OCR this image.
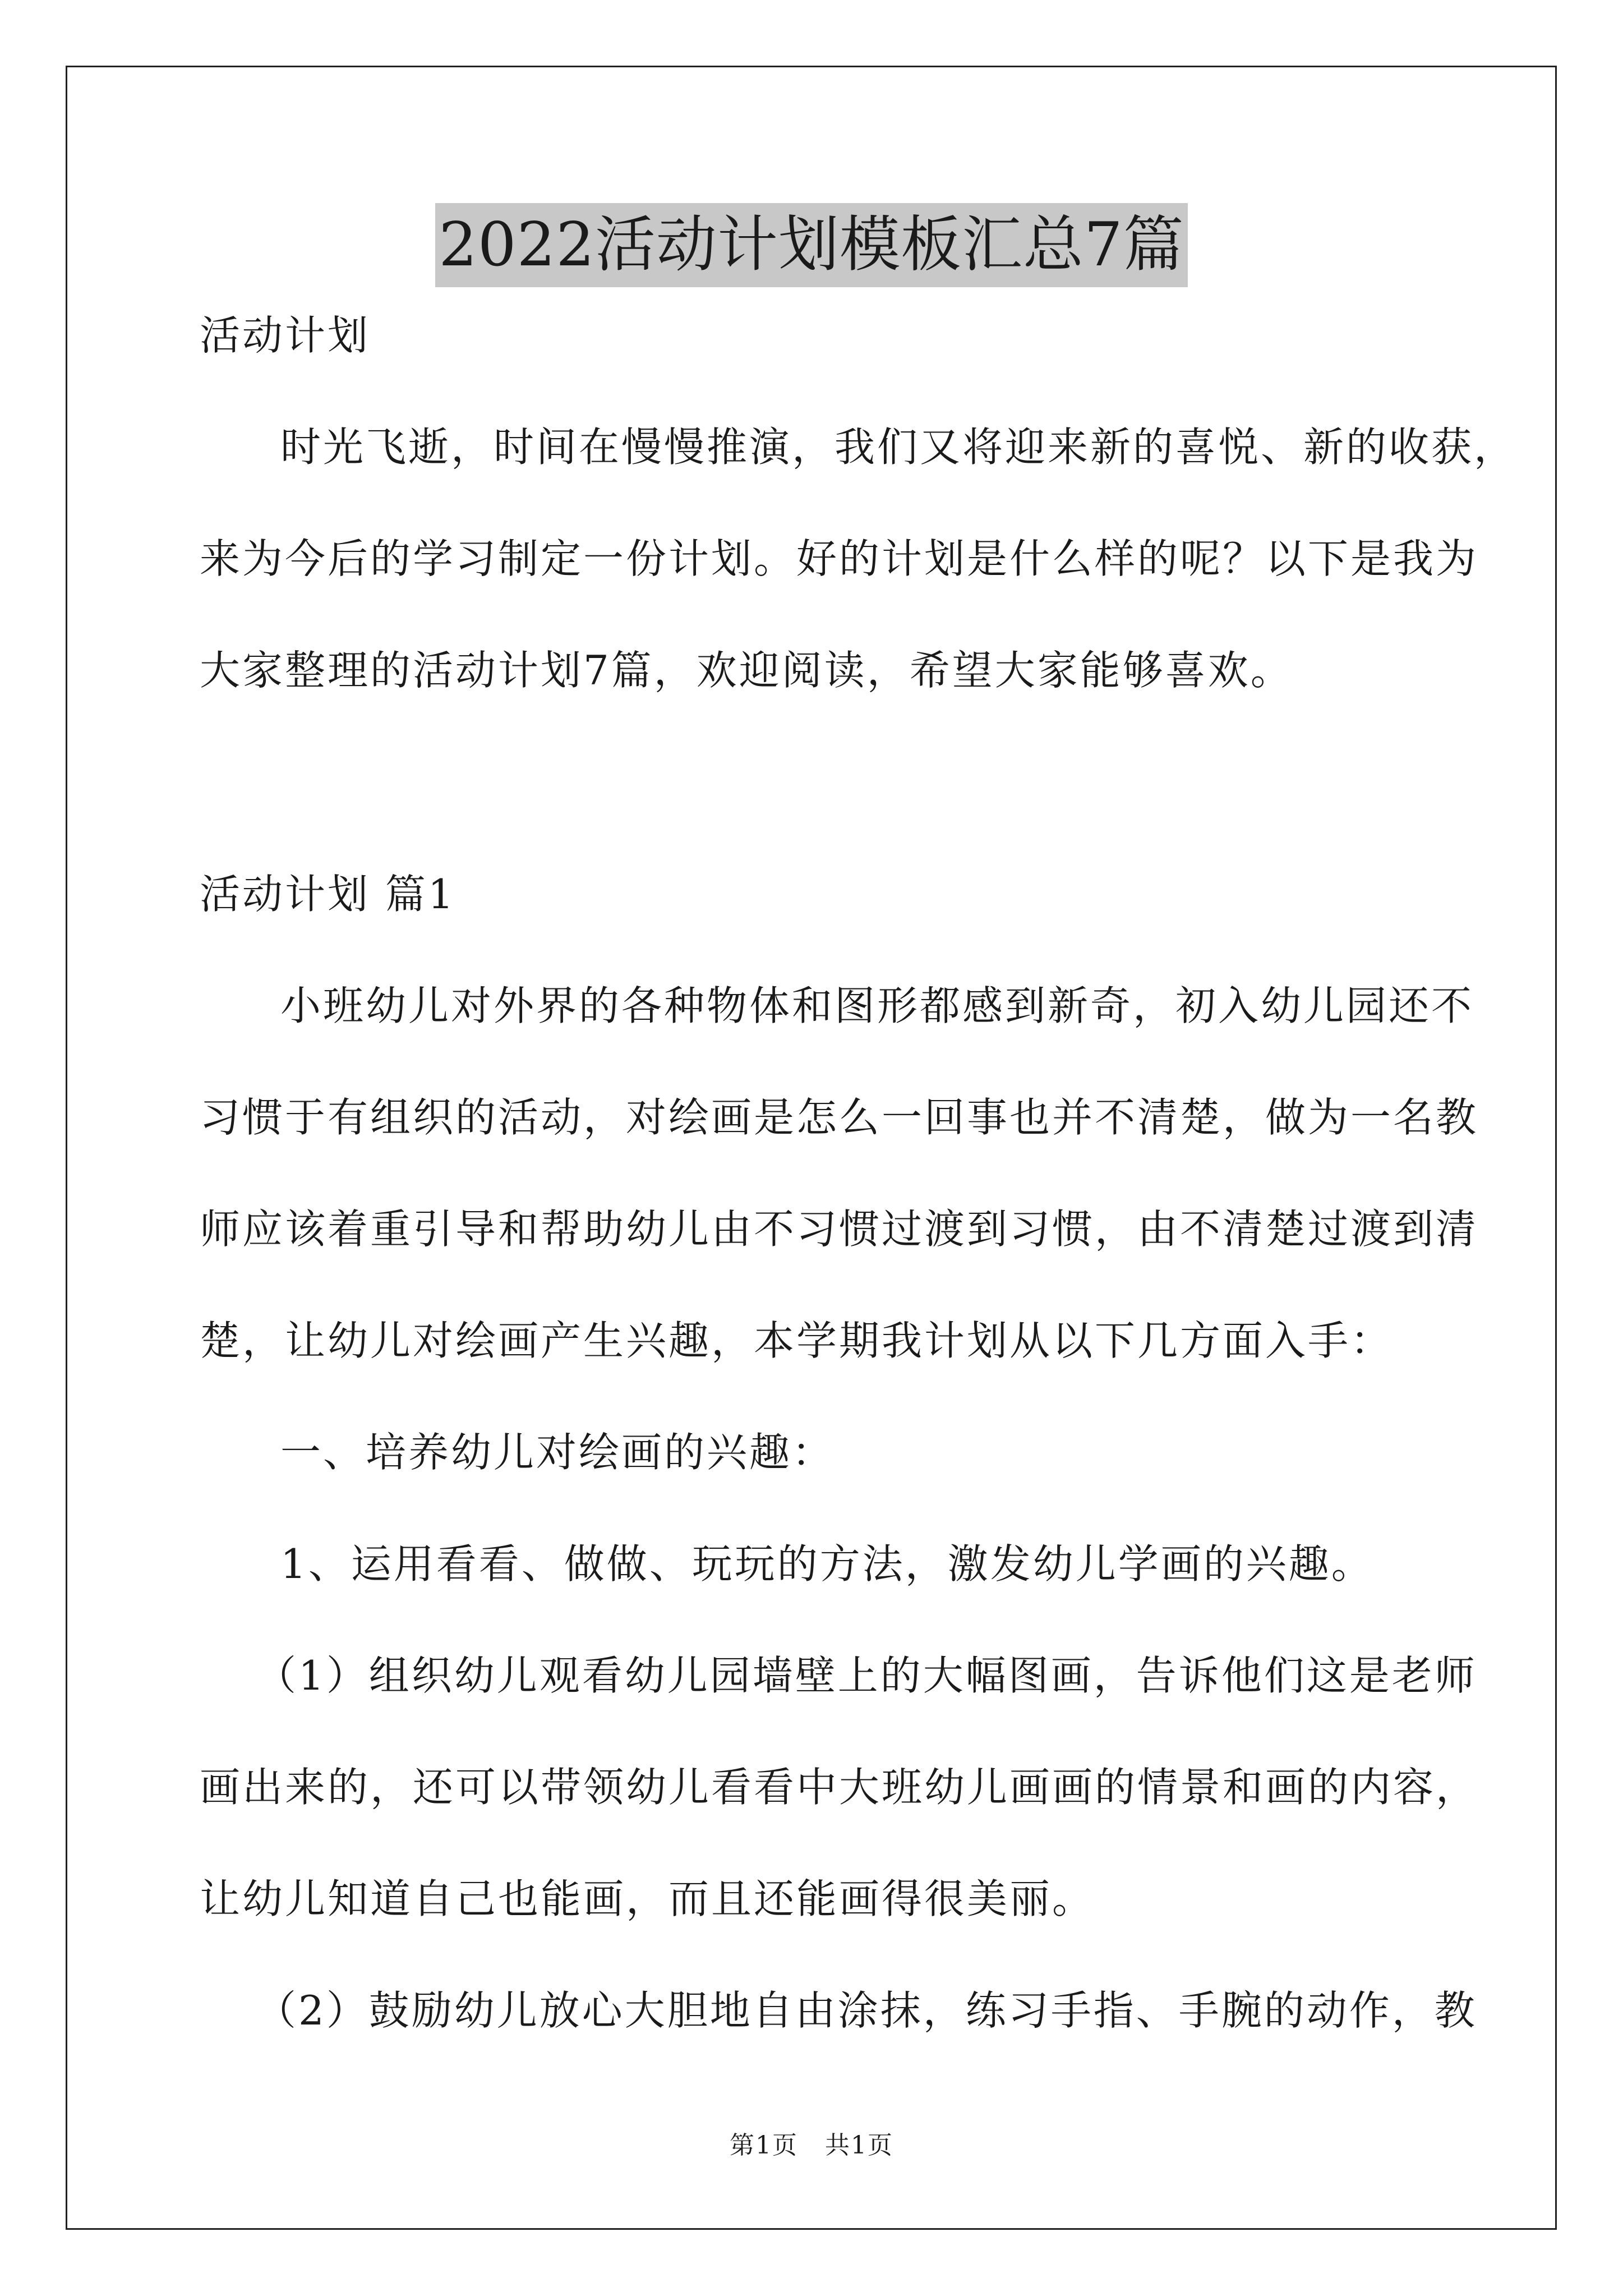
2022活动计划模板汇总7篇
活动计划
时光飞逝，时间在慢慢推演，我们又将迎来新的喜悦、新的收获，
来为今后的学习制定一份计划。好的计划是什么样的呢？以下是我为
大家整理的活动计划7篇，欢迎阅读，希望大家能够喜欢。
活动计划 篇1
小班幼儿对外界的各种物体和图形都感到新奇，初入幼儿园还不
习惯于有组织的活动，对绘画是怎么一回事也并不清楚，做为一名教
师应该着重引导和帮助幼儿由不习惯过渡到习惯，由不清楚过渡到清
楚，让幼儿对绘画产生兴趣，本学期我计划从以下几方面入手：
一、培养幼儿对绘画的兴趣：
1、运用看看、做做、玩玩的方法，激发幼儿学画的兴趣。
（1）组织幼儿观看幼儿园墙壁上的大幅图画，告诉他们这是老师
画出来的，还可以带领幼儿看看中大班幼儿画画的情景和画的内容，
让幼儿知道自己也能画，而且还能画得很美丽。
（2）鼓励幼儿放心大胆地自由涂抹，练习手指、手腕的动作，教
第1页   共1页
